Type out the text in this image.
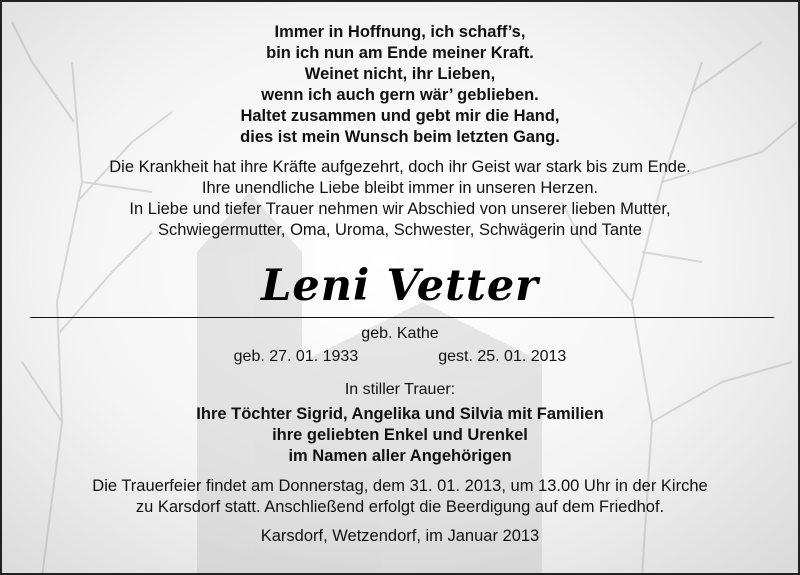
Immer in Hoffnung, ich schaff’s,
bin ich nun am Ende meiner Kraft.
Weinet nicht, ihr Lieben,
wenn ich auch gern wär’ geblieben.
Haltet zusammen und gebt mir die Hand,
dies ist mein Wunsch beim letzten Gang.
Die Krankheit hat ihre Kräfte aufgezehrt, doch ihr Geist war stark bis zum Ende.
Ihre unendliche Liebe bleibt immer in unseren Herzen.
In Liebe und tiefer Trauer nehmen wir Abschied von unserer lieben Mutter,
Schwiegermutter, Oma, Uroma, Schwester, Schwägerin und Tante
Leni Vetter
geb. Kathe
geb. 27. 01. 1933	gest. 25. 01. 2013
In stiller Trauer:
Ihre Töchter Sigrid, Angelika und Silvia mit Familien
ihre geliebten Enkel und Urenkel
im Namen aller Angehörigen
Die Trauerfeier findet am Donnerstag, dem 31. 01. 2013, um 13.00 Uhr in der Kirche
zu Karsdorf statt. Anschließend erfolgt die Beerdigung auf dem Friedhof.
Karsdorf, Wetzendorf, im Januar 2013
